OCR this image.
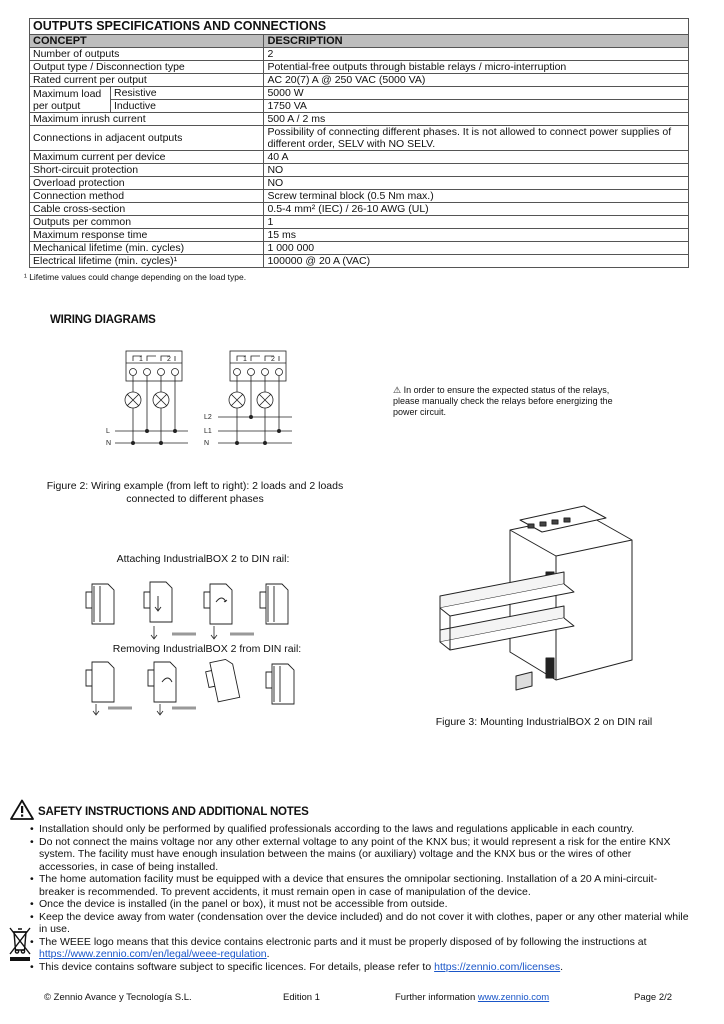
OUTPUTS SPECIFICATIONS AND CONNECTIONS		
CONCEPT		DESCRIPTION
Number of outputs		2
Output type / Disconnection type		Potential-free outputs through bistable relays / micro-interruption
Rated current per output		AC 20(7) A @ 250 VAC (5000 VA)
Maximum load per output	Resistive	5000 W
	Inductive	1750 VA
Maximum inrush current		500 A / 2 ms
Connections in adjacent outputs		Possibility of connecting different phases. It is not allowed to connect power supplies of different order, SELV with NO SELV.
Maximum current per device		40 A
Short-circuit protection		NO
Overload protection		NO
Connection method		Screw terminal block (0.5 Nm max.)
Cable cross-section		0.5-4 mm² (IEC) / 26-10 AWG (UL)
Outputs per common		1
Maximum response time		15 ms
Mechanical lifetime (min. cycles)		1 000 000
Electrical lifetime (min. cycles)¹		100000 @ 20 A (VAC)
¹ Lifetime values could change depending on the load type.
WIRING DIAGRAMS
1	2	1	2
L
N
L2
L1
N
⚠ In order to ensure the expected status of the relays, please manually check the relays before energizing the power circuit.
Figure 2: Wiring example (from left to right): 2 loads and 2 loads connected to different phases
Attaching IndustrialBOX 2 to DIN rail:
Removing IndustrialBOX 2 from DIN rail:
Figure 3: Mounting IndustrialBOX 2 on DIN rail
SAFETY INSTRUCTIONS AND ADDITIONAL NOTES
• Installation should only be performed by qualified professionals according to the laws and regulations applicable in each country.
• Do not connect the mains voltage nor any other external voltage to any point of the KNX bus; it would represent a risk for the entire KNX system. The facility must have enough insulation between the mains (or auxiliary) voltage and the KNX bus or the wires of other accessories, in case of being installed.
• The home automation facility must be equipped with a device that ensures the omnipolar sectioning. Installation of a 20 A mini-circuit-breaker is recommended. To prevent accidents, it must remain open in case of manipulation of the device.
• Once the device is installed (in the panel or box), it must not be accessible from outside.
• Keep the device away from water (condensation over the device included) and do not cover it with clothes, paper or any other material while in use.
• The WEEE logo means that this device contains electronic parts and it must be properly disposed of by following the instructions at https://www.zennio.com/en/legal/weee-regulation.
• This device contains software subject to specific licences. For details, please refer to https://zennio.com/licenses.
© Zennio Avance y Tecnología S.L.	Edition 1	Further information www.zennio.com	Page 2/2
